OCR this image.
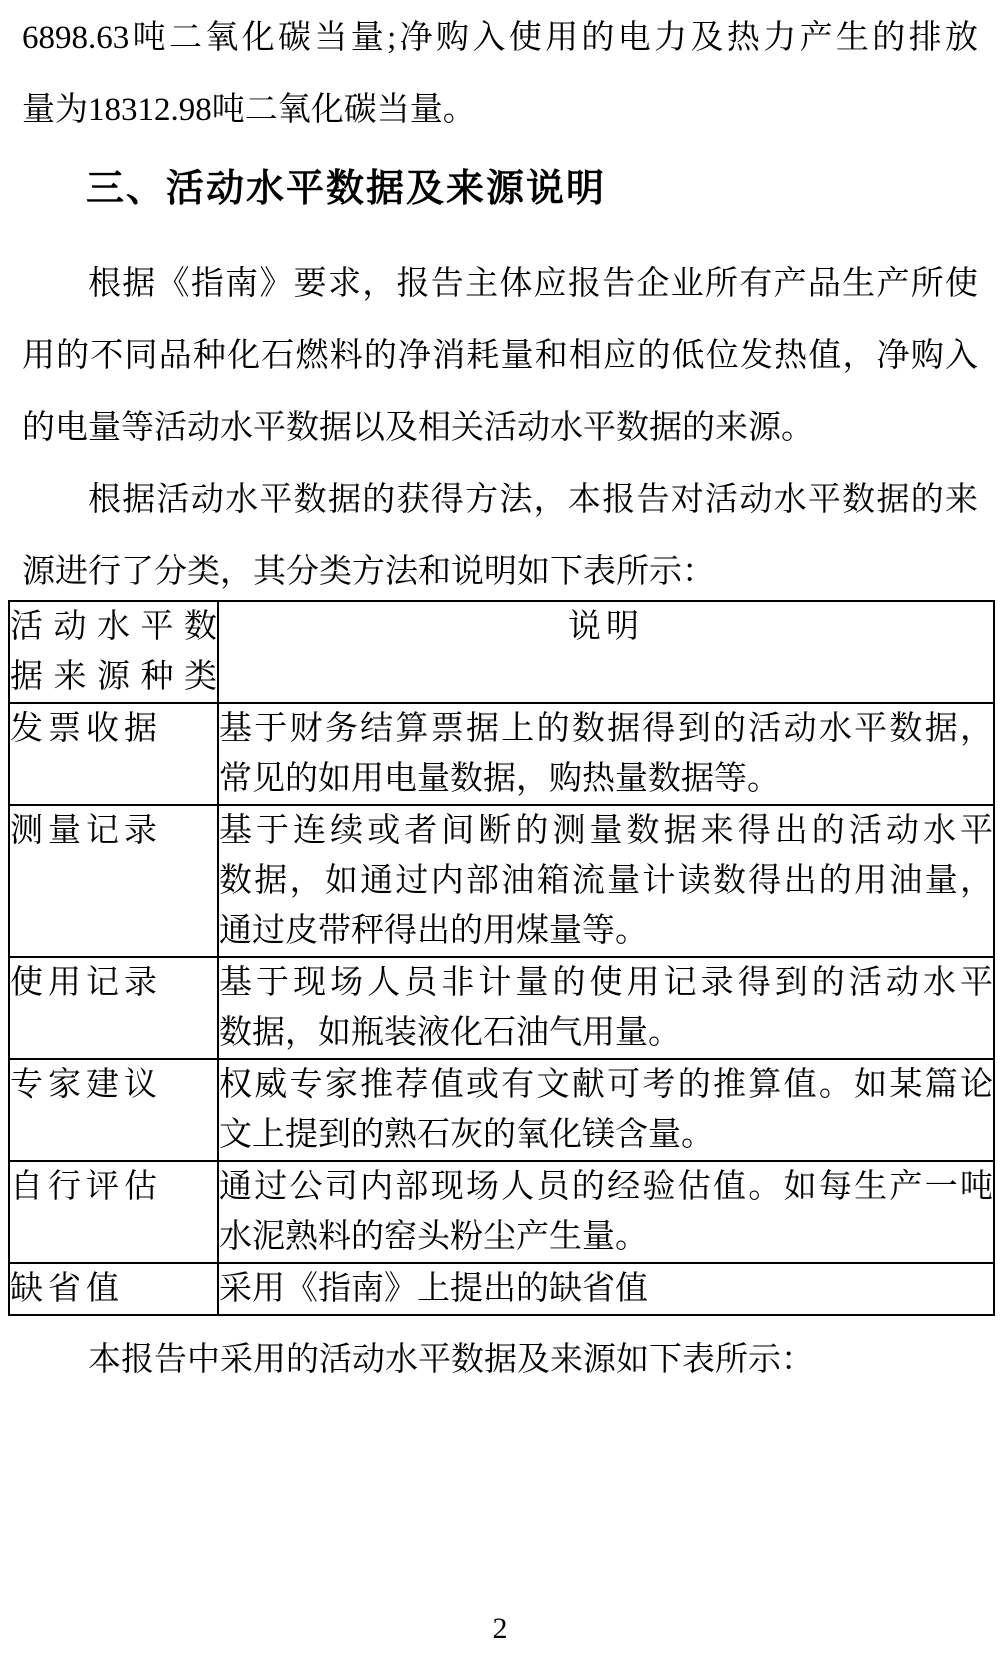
6898.63吨二氧化碳当量;净购入使用的电力及热力产生的排放
量为18312.98吨二氧化碳当量。
三、活动水平数据及来源说明
根据《指南》要求，报告主体应报告企业所有产品生产所使
用的不同品种化石燃料的净消耗量和相应的低位发热值，净购入
的电量等活动水平数据以及相关活动水平数据的来源。
根据活动水平数据的获得方法，本报告对活动水平数据的来
源进行了分类，其分类方法和说明如下表所示：
活动水平数
据来源种类	说明
发票收据	基于财务结算票据上的数据得到的活动水平数据，
常见的如用电量数据，购热量数据等。

测量记录	基于连续或者间断的测量数据来得出的活动水平
数据，如通过内部油箱流量计读数得出的用油量，
通过皮带秤得出的用煤量等。

使用记录	基于现场人员非计量的使用记录得到的活动水平
数据，如瓶装液化石油气用量。

专家建议	权威专家推荐值或有文献可考的推算值。如某篇论
文上提到的熟石灰的氧化镁含量。

自行评估	通过公司内部现场人员的经验估值。如每生产一吨
水泥熟料的窑头粉尘产生量。

缺省值	采用《指南》上提出的缺省值
本报告中采用的活动水平数据及来源如下表所示：
2
